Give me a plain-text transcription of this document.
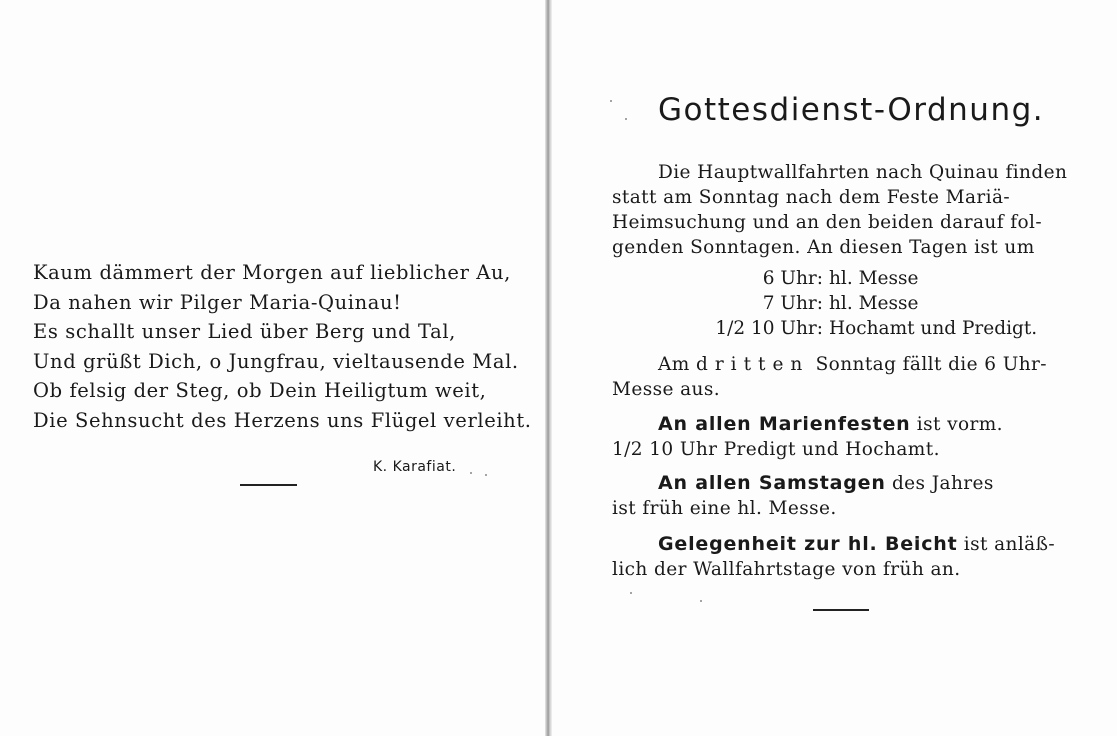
Kaum dämmert der Morgen auf lieblicher Au,
Da nahen wir Pilger Maria-Quinau!
Es schallt unser Lied über Berg und Tal,
Und grüßt Dich, o Jungfrau, vieltausende Mal.
Ob felsig der Steg, ob Dein Heiligtum weit,
Die Sehnsucht des Herzens uns Flügel verleiht.
K. Karafiat.
Gottesdienst-Ordnung.
Die Hauptwallfahrten nach Quinau finden
statt am Sonntag nach dem Feste Mariä-
Heimsuchung und an den beiden darauf fol-
genden Sonntagen. An diesen Tagen ist um
6 Uhr: hl. Messe
7 Uhr: hl. Messe
1/2 10 Uhr: Hochamt und Predigt.
Am dritten Sonntag fällt die 6 Uhr-
Messe aus.
An allen Marienfesten ist vorm.
1/2 10 Uhr Predigt und Hochamt.
An allen Samstagen des Jahres
ist früh eine hl. Messe.
Gelegenheit zur hl. Beicht ist anläß-
lich der Wallfahrtstage von früh an.
